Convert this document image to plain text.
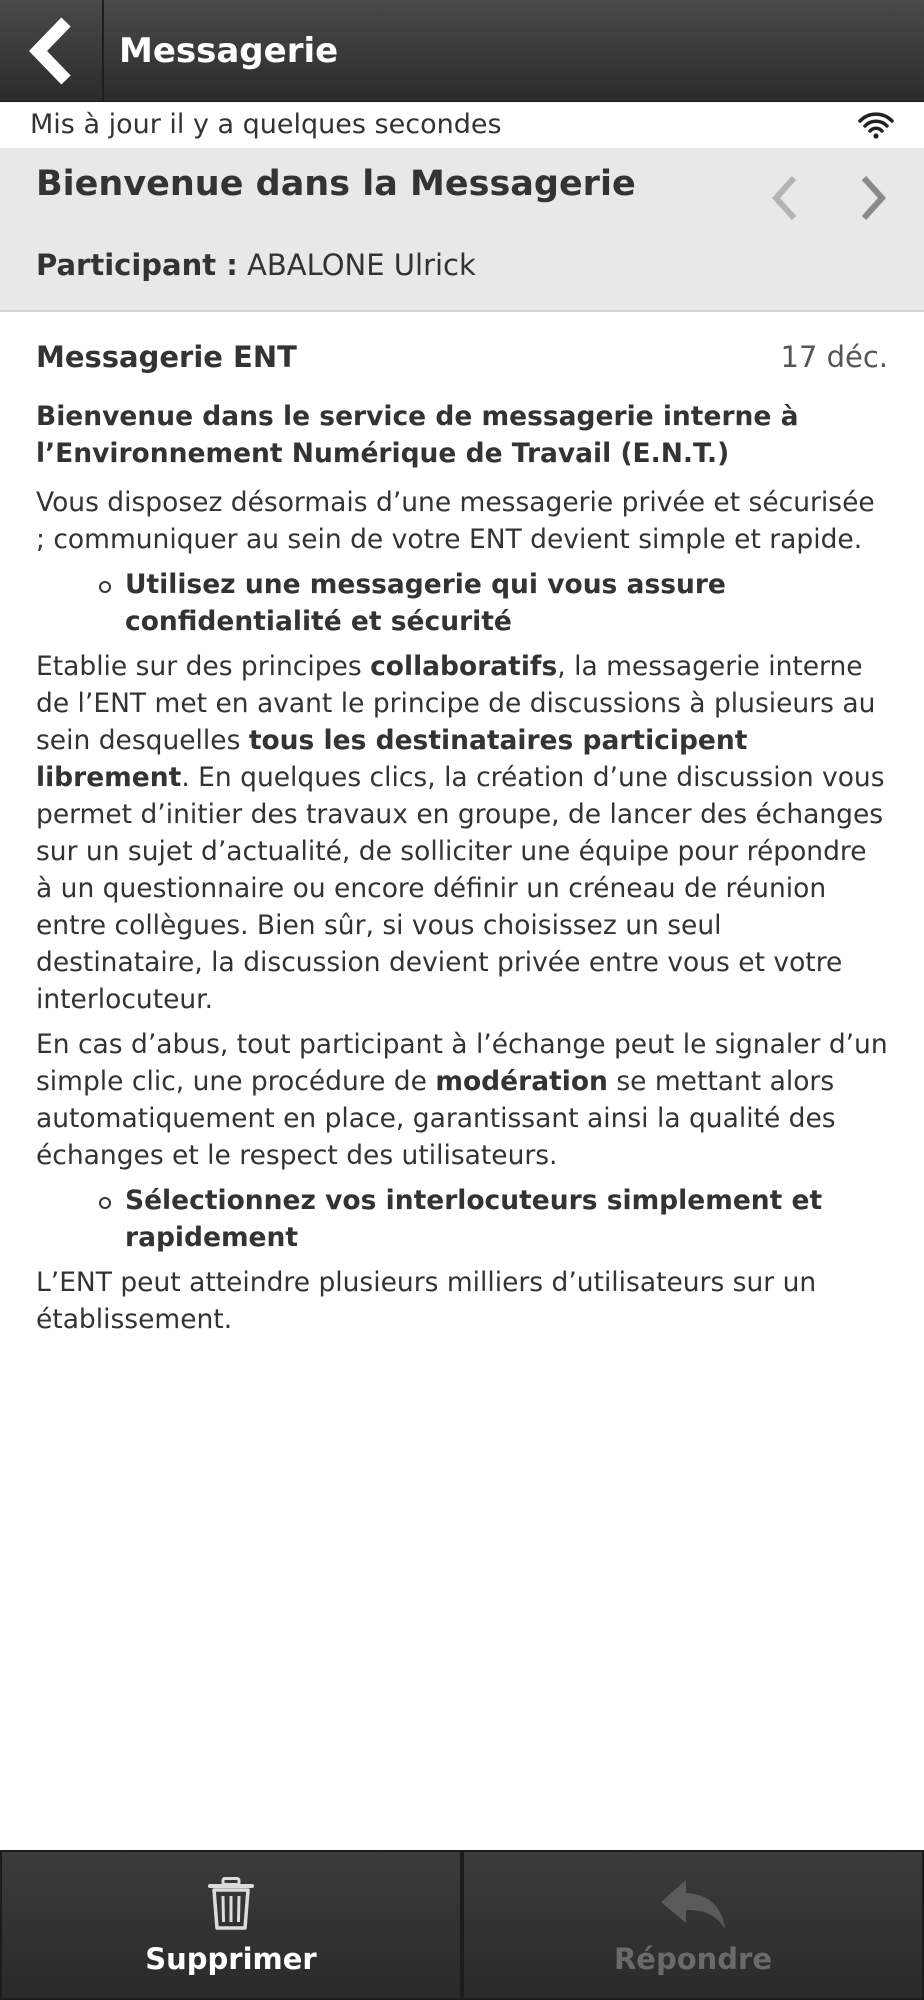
Messagerie
Mis à jour il y a quelques secondes
Bienvenue dans la Messagerie
Participant : ABALONE Ulrick
Messagerie ENT	17 déc.

Bienvenue dans le service de messagerie interne à l’Environnement Numérique de Travail (E.N.T.)

Vous disposez désormais d’une messagerie privée et sécurisée ; communiquer au sein de votre ENT devient simple et rapide.

Utilisez une messagerie qui vous assure confidentialité et sécurité

Etablie sur des principes collaboratifs, la messagerie interne de l’ENT met en avant le principe de discussions à plusieurs au sein desquelles tous les destinataires participent librement. En quelques clics, la création d’une discussion vous permet d’initier des travaux en groupe, de lancer des échanges sur un sujet d’actualité, de solliciter une équipe pour répondre à un questionnaire ou encore définir un créneau de réunion entre collègues. Bien sûr, si vous choisissez un seul destinataire, la discussion devient privée entre vous et votre interlocuteur.

En cas d’abus, tout participant à l’échange peut le signaler d’un simple clic, une procédure de modération se mettant alors automatiquement en place, garantissant ainsi la qualité des échanges et le respect des utilisateurs.

Sélectionnez vos interlocuteurs simplement et rapidement

L’ENT peut atteindre plusieurs milliers d’utilisateurs sur un établissement.

Supprimer	Répondre
